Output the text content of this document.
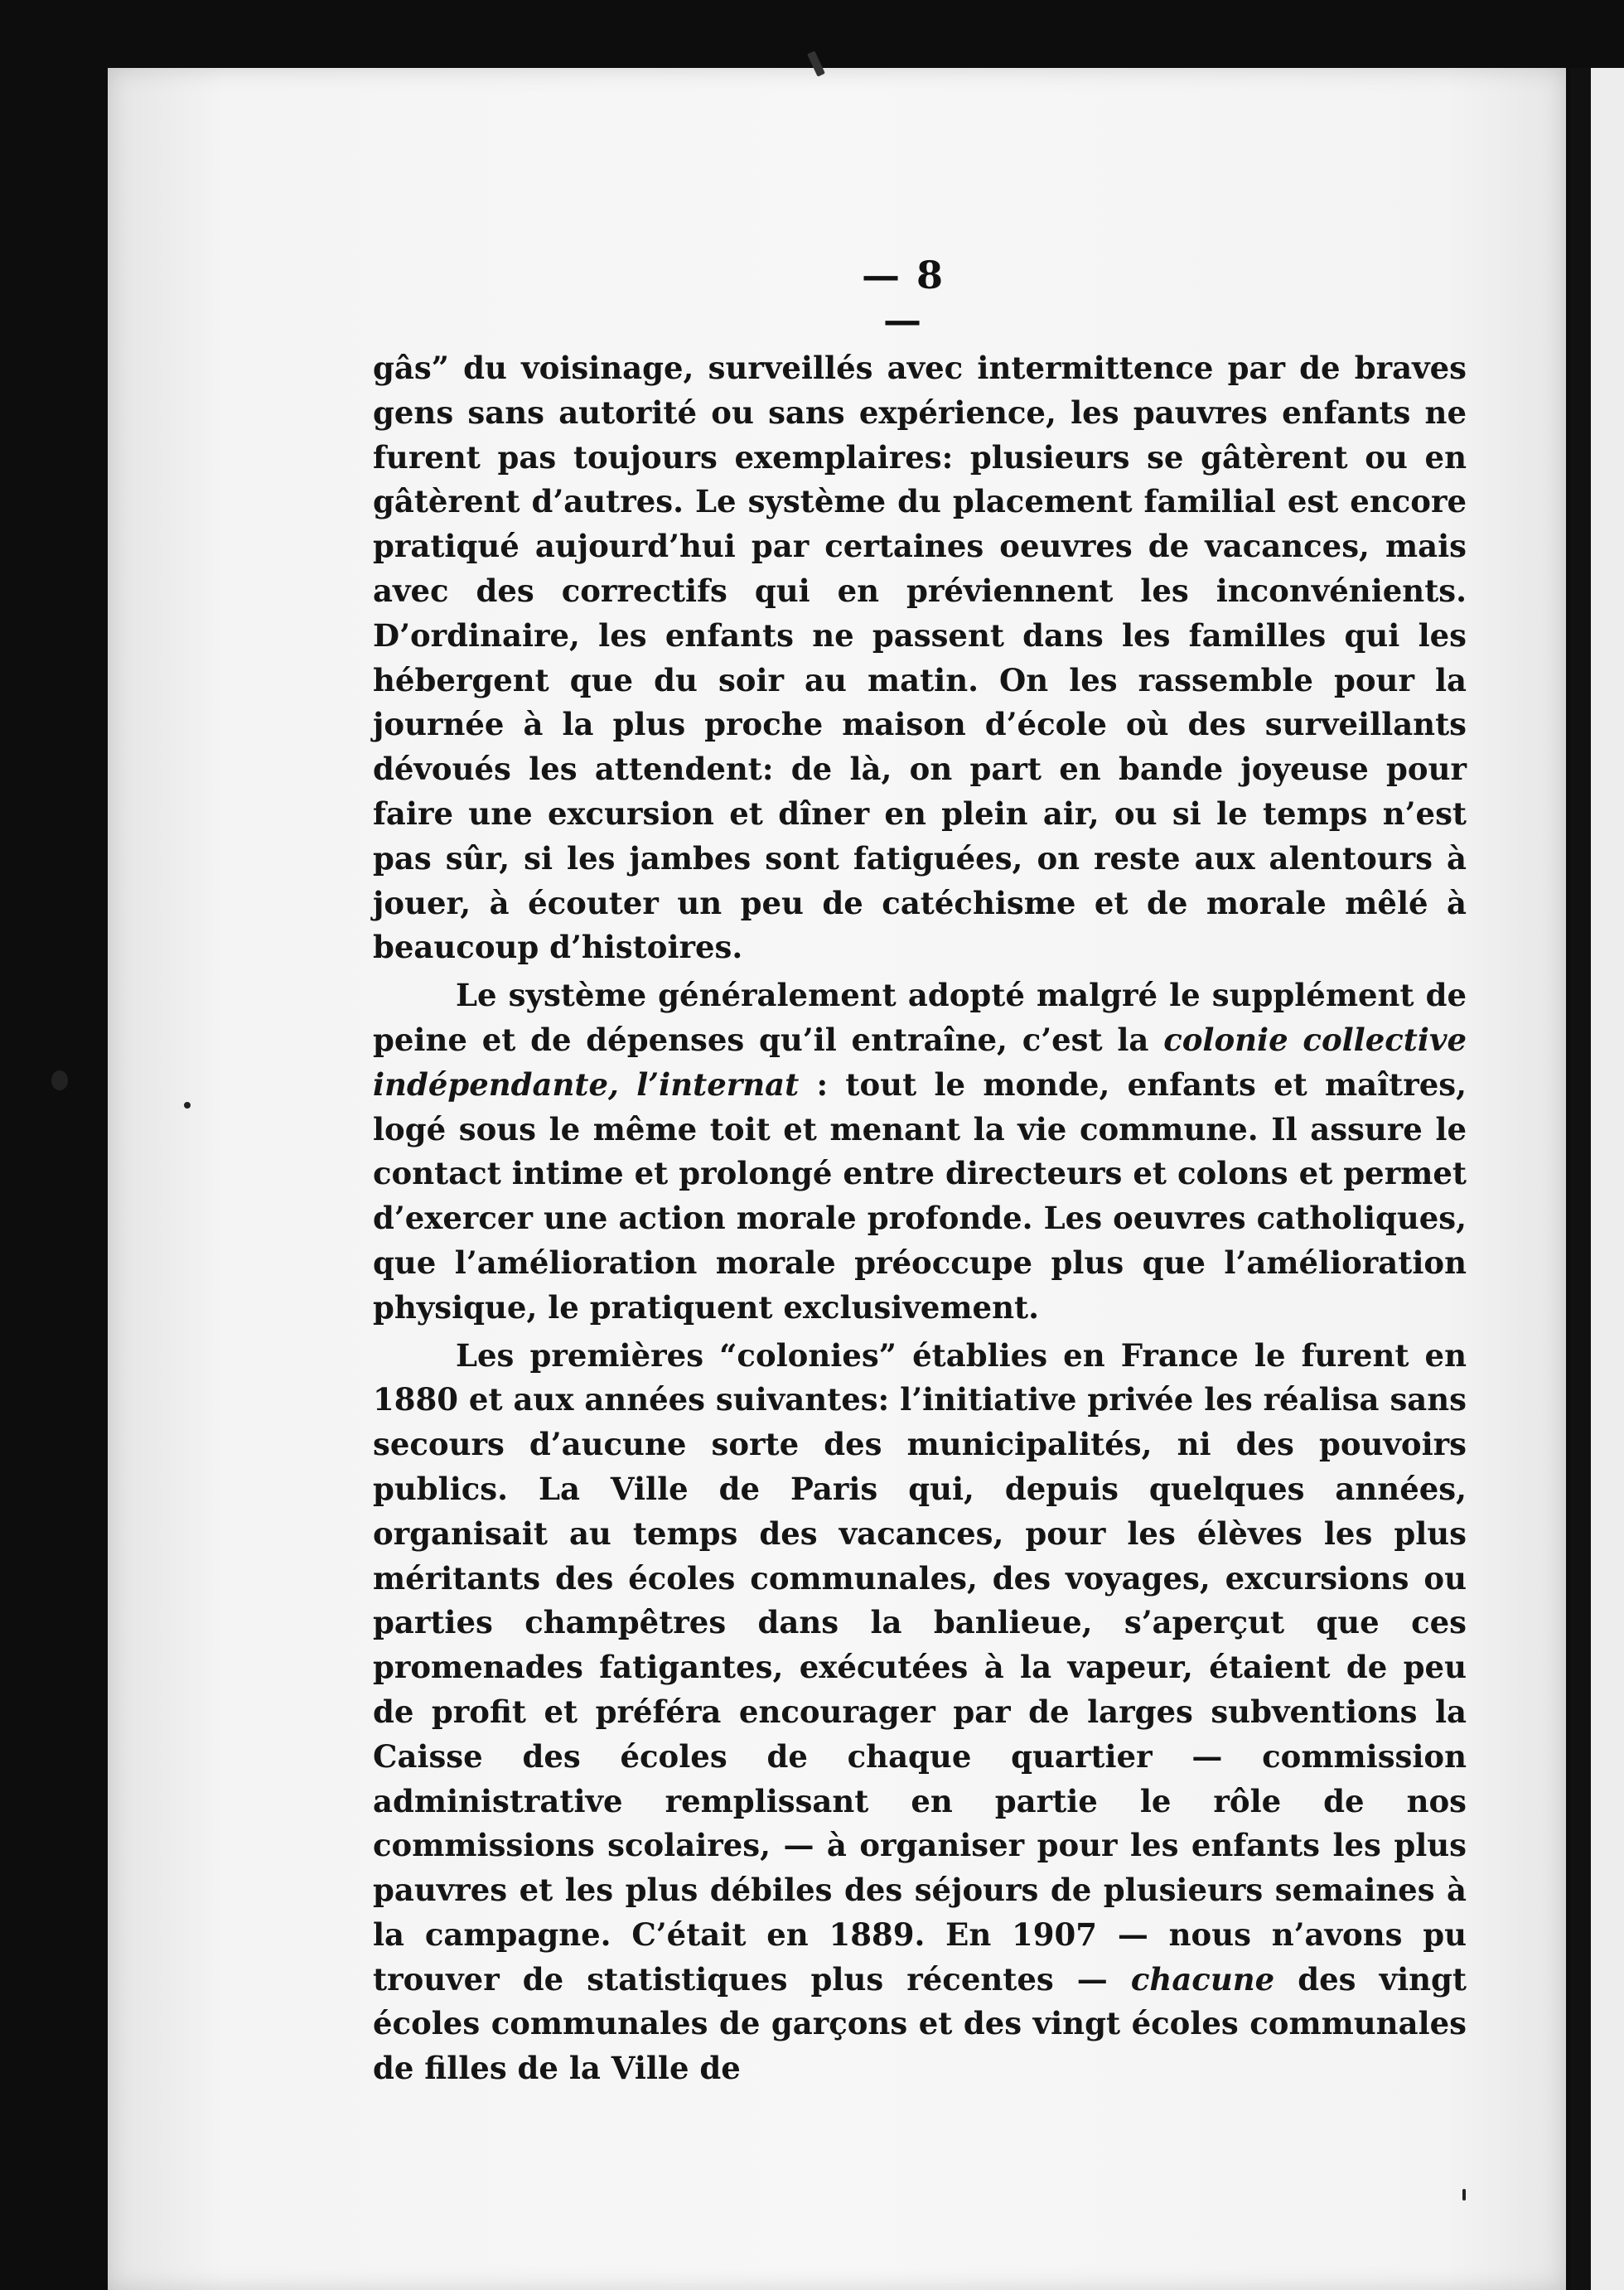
— 8 —

gâs” du voisinage, surveillés avec intermittence par de braves gens sans autorité ou sans expérience, les pauvres enfants ne furent pas toujours exemplaires: plusieurs se gâtèrent ou en gâtèrent d’autres. Le système du placement familial est encore pratiqué aujourd’hui par certaines oeuvres de vacances, mais avec des correctifs qui en préviennent les inconvénients. D’ordinaire, les enfants ne passent dans les familles qui les hébergent que du soir au matin. On les rassemble pour la journée à la plus proche maison d’école où des surveillants dévoués les attendent: de là, on part en bande joyeuse pour faire une excursion et dîner en plein air, ou si le temps n’est pas sûr, si les jambes sont fatiguées, on reste aux alentours à jouer, à écouter un peu de catéchisme et de morale mêlé à beaucoup d’histoires.

Le système généralement adopté malgré le supplément de peine et de dépenses qu’il entraîne, c’est la colonie collective indépendante, l’internat : tout le monde, enfants et maîtres, logé sous le même toit et menant la vie commune. Il assure le contact intime et prolongé entre directeurs et colons et permet d’exercer une action morale profonde. Les oeuvres catholiques, que l’amélioration morale préoccupe plus que l’amélioration physique, le pratiquent exclusivement.

Les premières “colonies” établies en France le furent en 1880 et aux années suivantes: l’initiative privée les réalisa sans secours d’aucune sorte des municipalités, ni des pouvoirs publics. La Ville de Paris qui, depuis quelques années, organisait au temps des vacances, pour les élèves les plus méritants des écoles communales, des voyages, excursions ou parties champêtres dans la banlieue, s’aperçut que ces promenades fatigantes, exécutées à la vapeur, étaient de peu de profit et préféra encourager par de larges subventions la Caisse des écoles de chaque quartier — commission administrative remplissant en partie le rôle de nos commissions scolaires, — à organiser pour les enfants les plus pauvres et les plus débiles des séjours de plusieurs semaines à la campagne. C’était en 1889. En 1907 — nous n’avons pu trouver de statistiques plus récentes — chacune des vingt écoles communales de garçons et des vingt écoles communales de filles de la Ville de
